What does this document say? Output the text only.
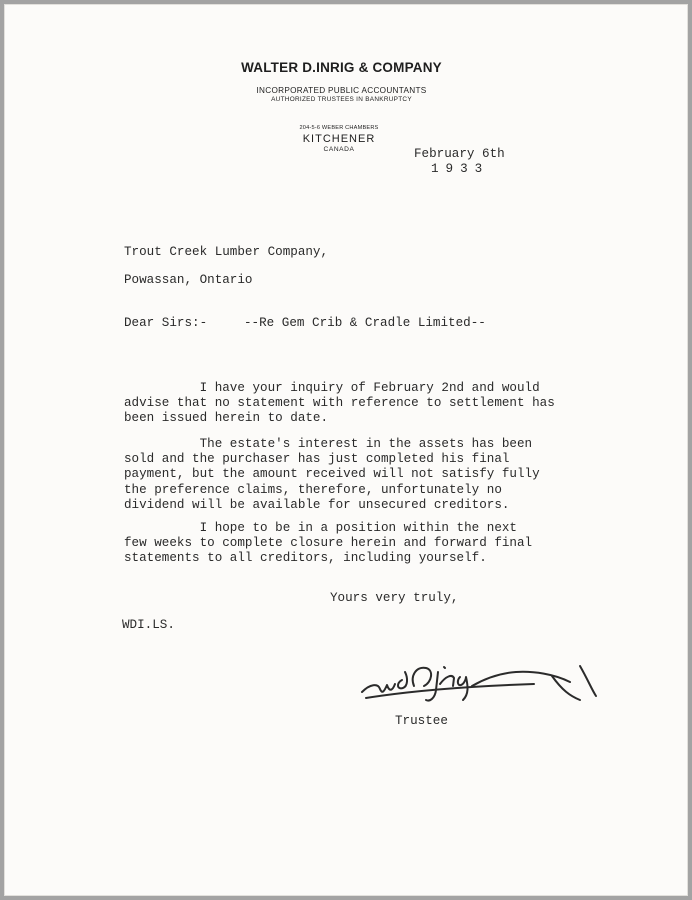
WALTER D.INRIG & COMPANY
INCORPORATED PUBLIC ACCOUNTANTS
AUTHORIZED TRUSTEES IN BANKRUPTCY
204-5-6 WEBER CHAMBERS
KITCHENER
CANADA	February 6th
1933
Trout Creek Lumber Company,
Powassan, Ontario
Dear Sirs:-	--Re Gem Crib & Cradle Limited--
I have your inquiry of February 2nd and would
advise that no statement with reference to settlement has
been issued herein to date.
The estate's interest in the assets has been
sold and the purchaser has just completed his final
payment, but the amount received will not satisfy fully
the preference claims, therefore, unfortunately no
dividend will be available for unsecured creditors.
I hope to be in a position within the next
few weeks to complete closure herein and forward final
statements to all creditors, including yourself.
Yours very truly,
WDI.LS.
Trustee
